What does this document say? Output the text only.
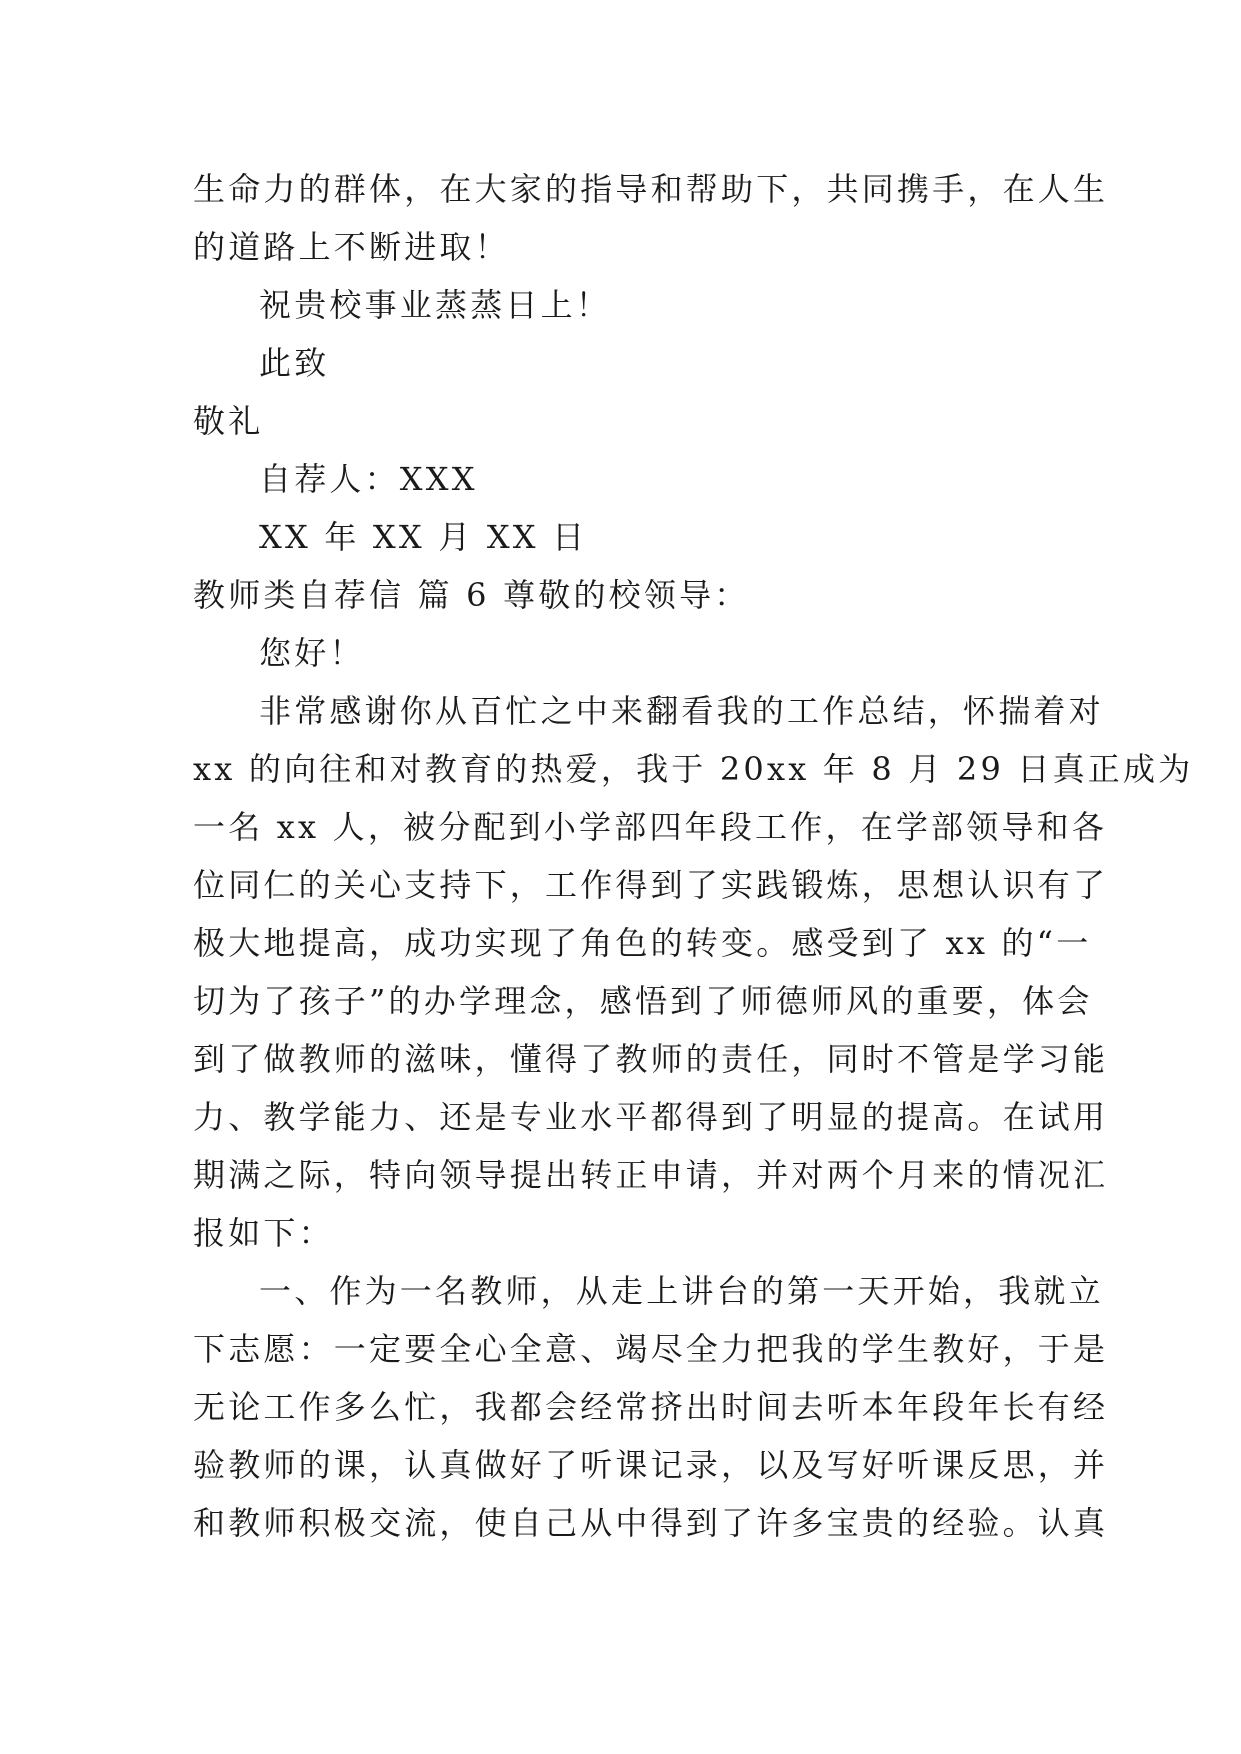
生命力的群体，在大家的指导和帮助下，共同携手，在人生
的道路上不断进取！
祝贵校事业蒸蒸日上！
此致
敬礼
自荐人：XXX
XX 年 XX 月 XX 日
教师类自荐信 篇 6 尊敬的校领导：
您好！
非常感谢你从百忙之中来翻看我的工作总结，怀揣着对
xx 的向往和对教育的热爱，我于 20xx 年 8 月 29 日真正成为
一名 xx 人，被分配到小学部四年段工作，在学部领导和各
位同仁的关心支持下，工作得到了实践锻炼，思想认识有了
极大地提高，成功实现了角色的转变。感受到了 xx 的“一
切为了孩子”的办学理念，感悟到了师德师风的重要，体会
到了做教师的滋味，懂得了教师的责任，同时不管是学习能
力、教学能力、还是专业水平都得到了明显的提高。在试用
期满之际，特向领导提出转正申请，并对两个月来的情况汇
报如下：
一、作为一名教师，从走上讲台的第一天开始，我就立
下志愿：一定要全心全意、竭尽全力把我的学生教好，于是
无论工作多么忙，我都会经常挤出时间去听本年段年长有经
验教师的课，认真做好了听课记录，以及写好听课反思，并
和教师积极交流，使自己从中得到了许多宝贵的经验。认真
